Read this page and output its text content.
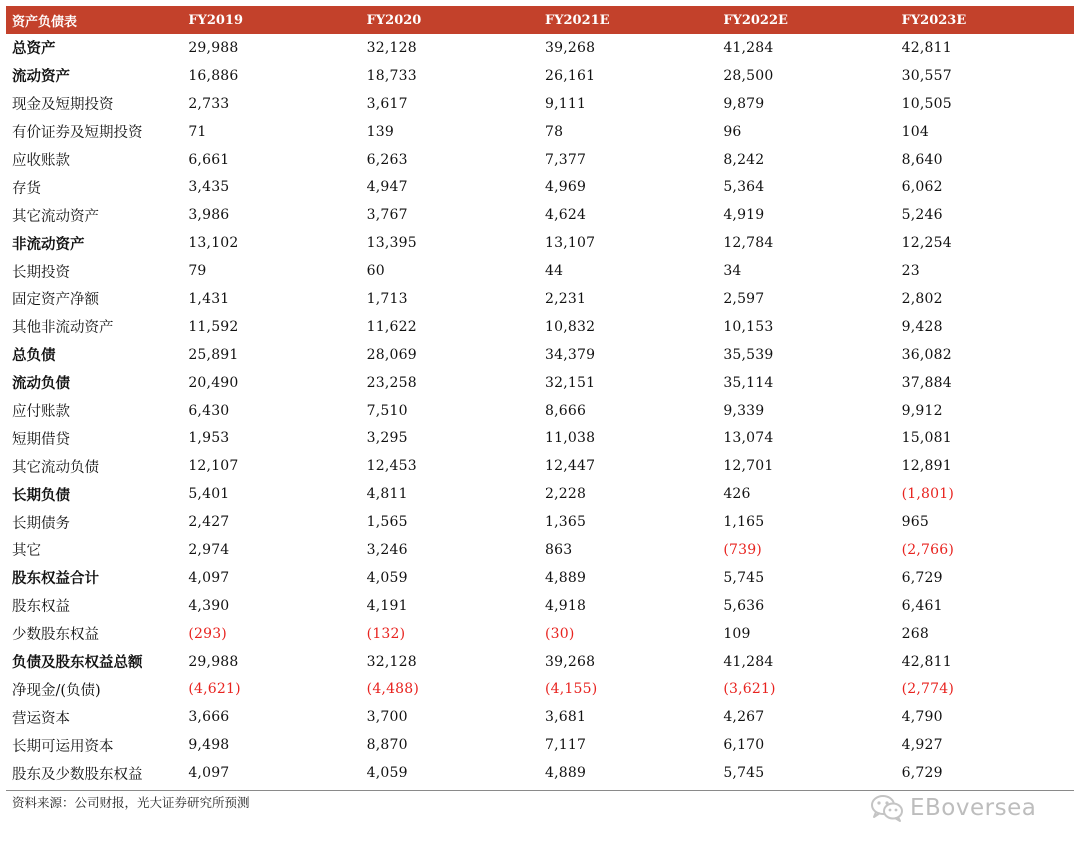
资产负债表	FY2019	FY2020	FY2021E	FY2022E	FY2023E
总资产	29,988	32,128	39,268	41,284	42,811
流动资产	16,886	18,733	26,161	28,500	30,557
现金及短期投资	2,733	3,617	9,111	9,879	10,505
有价证券及短期投资	71	139	78	96	104
应收账款	6,661	6,263	7,377	8,242	8,640
存货	3,435	4,947	4,969	5,364	6,062
其它流动资产	3,986	3,767	4,624	4,919	5,246
非流动资产	13,102	13,395	13,107	12,784	12,254
长期投资	79	60	44	34	23
固定资产净额	1,431	1,713	2,231	2,597	2,802
其他非流动资产	11,592	11,622	10,832	10,153	9,428
总负债	25,891	28,069	34,379	35,539	36,082
流动负债	20,490	23,258	32,151	35,114	37,884
应付账款	6,430	7,510	8,666	9,339	9,912
短期借贷	1,953	3,295	11,038	13,074	15,081
其它流动负债	12,107	12,453	12,447	12,701	12,891
长期负债	5,401	4,811	2,228	426	(1,801)
长期债务	2,427	1,565	1,365	1,165	965
其它	2,974	3,246	863	(739)	(2,766)
股东权益合计	4,097	4,059	4,889	5,745	6,729
股东权益	4,390	4,191	4,918	5,636	6,461
少数股东权益	(293)	(132)	(30)	109	268
负债及股东权益总额	29,988	32,128	39,268	41,284	42,811
净现金/(负债)	(4,621)	(4,488)	(4,155)	(3,621)	(2,774)
营运资本	3,666	3,700	3,681	4,267	4,790
长期可运用资本	9,498	8,870	7,117	6,170	4,927
股东及少数股东权益	4,097	4,059	4,889	5,745	6,729
资料来源：公司财报，光大证券研究所预测	EBoversea
